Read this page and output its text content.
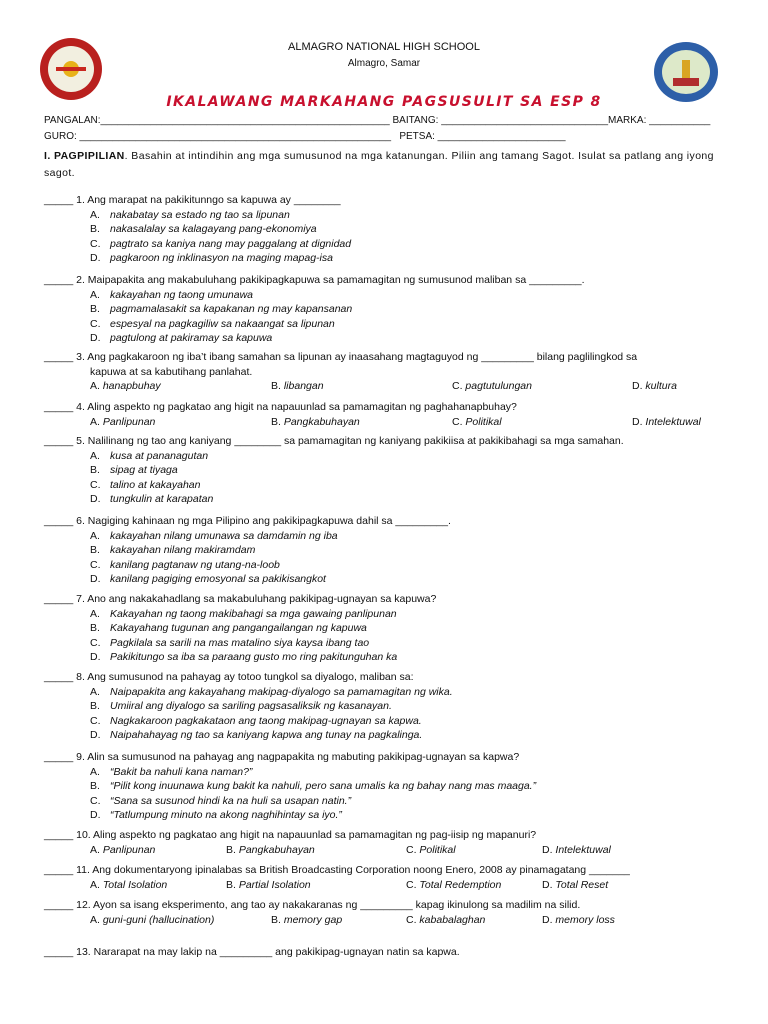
ALMAGRO NATIONAL HIGH SCHOOL
Almagro, Samar
IKALAWANG MARKAHANG PAGSUSULIT SA ESP 8
PANGALAN:____________________________________________________ BAITANG: ______________________________MARKA: ___________
GURO: ________________________________________________________   PETSA: _______________________
I. PAGPIPILIAN. Basahin at intindihin ang mga sumusunod na mga katanungan. Piliin ang tamang Sagot. Isulat sa patlang ang iyong sagot.
_____ 1. Ang marapat na pakikitunngo sa kapuwa ay ________
A. nakabatay sa estado ng tao sa lipunan
B. nakasalalay sa kalagayang pang-ekonomiya
C. pagtrato sa kaniya nang may paggalang at dignidad
D. pagkaroon ng inklinasyon na maging mapag-isa
_____ 2. Maipapakita ang makabuluhang pakikipagkapuwa sa pamamagitan ng sumusunod maliban sa _________.
A. kakayahan ng taong umunawa
B. pagmamalasakit sa kapakanan ng may kapansanan
C. espesyal na pagkagiliw sa nakaangat sa lipunan
D. pagtulong at pakiramay sa kapuwa
_____ 3. Ang pagkakaroon ng iba’t ibang samahan sa lipunan ay inaasahang magtaguyod ng _________ bilang paglilingkod sa
kapuwa at sa kabutihang panlahat.
A. hanapbuhay	B. libangan	C. pagtutulungan	D. kultura
_____ 4. Aling aspekto ng pagkatao ang higit na napauunlad sa pamamagitan ng paghahanapbuhay?
A. Panlipunan	B. Pangkabuhayan	C. Politikal	D. Intelektuwal
_____ 5. Nalilinang ng tao ang kaniyang ________ sa pamamagitan ng kaniyang pakikiisa at pakikibahagi sa mga samahan.
A. kusa at pananagutan
B. sipag at tiyaga
C. talino at kakayahan
D. tungkulin at karapatan
_____ 6. Nagiging kahinaan ng mga Pilipino ang pakikipagkapuwa dahil sa _________.
A. kakayahan nilang umunawa sa damdamin ng iba
B. kakayahan nilang makiramdam
C. kanilang pagtanaw ng utang-na-loob
D. kanilang pagiging emosyonal sa pakikisangkot
_____ 7. Ano ang nakakahadlang sa makabuluhang pakikipag-ugnayan sa kapuwa?
A. Kakayahan ng taong makibahagi sa mga gawaing panlipunan
B. Kakayahang tugunan ang pangangailangan ng kapuwa
C. Pagkilala sa sarili na mas matalino siya kaysa ibang tao
D. Pakikitungo sa iba sa paraang gusto mo ring pakitunguhan ka
_____ 8. Ang sumusunod na pahayag ay totoo tungkol sa diyalogo, maliban sa:
A. Naipapakita ang kakayahang makipag-diyalogo sa pamamagitan ng wika.
B. Umiiral ang diyalogo sa sariling pagsasaliksik ng kasanayan.
C. Nagkakaroon pagkakataon ang taong makipag-ugnayan sa kapwa.
D. Naipahahayag ng tao sa kaniyang kapwa ang tunay na pagkalinga.
_____ 9. Alin sa sumusunod na pahayag ang nagpapakita ng mabuting pakikipag-ugnayan sa kapwa?
A. “Bakit ba nahuli kana naman?”
B. “Pilit kong inuunawa kung bakit ka nahuli, pero sana umalis ka ng bahay nang mas maaga.”
C. “Sana sa susunod hindi ka na huli sa usapan natin.”
D. “Tatlumpung minuto na akong naghihintay sa iyo.”
_____ 10. Aling aspekto ng pagkatao ang higit na napauunlad sa pamamagitan ng pag-iisip ng mapanuri?
A. Panlipunan	B. Pangkabuhayan	C. Politikal	D. Intelektuwal
_____ 11. Ang dokumentaryong ipinalabas sa British Broadcasting Corporation noong Enero, 2008 ay pinamagatang _______
A. Total Isolation	B. Partial Isolation	C. Total Redemption	D. Total Reset
_____ 12. Ayon sa isang eksperimento, ang tao ay nakakaranas ng _________ kapag ikinulong sa madilim na silid.
A. guni-guni (hallucination)	B. memory gap	C. kababalaghan	D. memory loss
_____ 13. Nararapat na may lakip na _________ ang pakikipag-ugnayan natin sa kapwa.
